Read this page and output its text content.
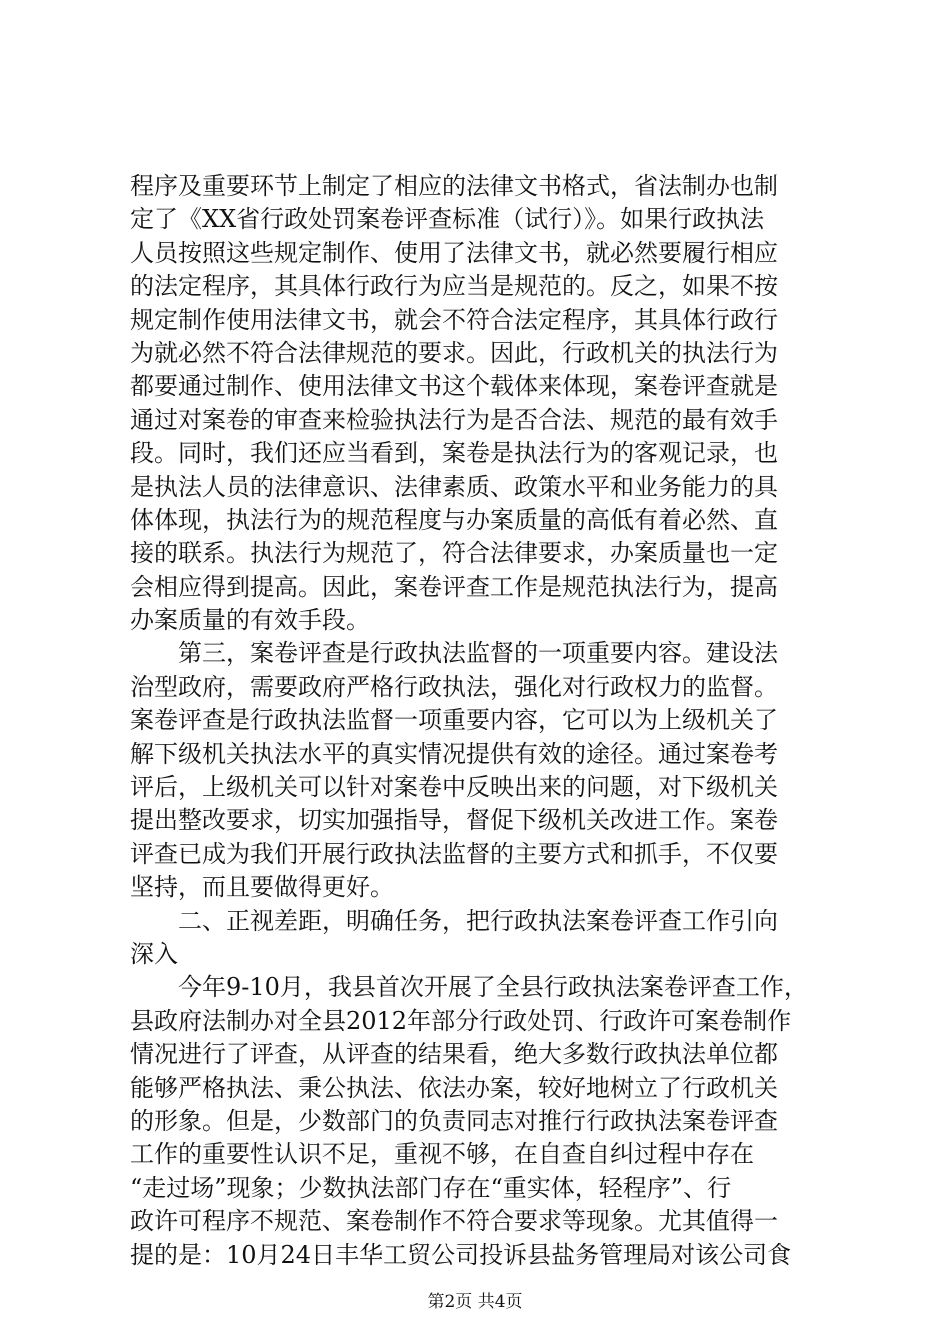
程序及重要环节上制定了相应的法律文书格式，省法制办也制
定了《XX省行政处罚案卷评查标准（试行）》。如果行政执法
人员按照这些规定制作、使用了法律文书，就必然要履行相应
的法定程序，其具体行政行为应当是规范的。反之，如果不按
规定制作使用法律文书，就会不符合法定程序，其具体行政行
为就必然不符合法律规范的要求。因此，行政机关的执法行为
都要通过制作、使用法律文书这个载体来体现，案卷评查就是
通过对案卷的审查来检验执法行为是否合法、规范的最有效手
段。同时，我们还应当看到，案卷是执法行为的客观记录，也
是执法人员的法律意识、法律素质、政策水平和业务能力的具
体体现，执法行为的规范程度与办案质量的高低有着必然、直
接的联系。执法行为规范了，符合法律要求，办案质量也一定
会相应得到提高。因此，案卷评查工作是规范执法行为，提高
办案质量的有效手段。
　　第三，案卷评查是行政执法监督的一项重要内容。建设法
治型政府，需要政府严格行政执法，强化对行政权力的监督。
案卷评查是行政执法监督一项重要内容，它可以为上级机关了
解下级机关执法水平的真实情况提供有效的途径。通过案卷考
评后，上级机关可以针对案卷中反映出来的问题，对下级机关
提出整改要求，切实加强指导，督促下级机关改进工作。案卷
评查已成为我们开展行政执法监督的主要方式和抓手，不仅要
坚持，而且要做得更好。
　　二、正视差距，明确任务，把行政执法案卷评查工作引向
深入
　　今年9-10月，我县首次开展了全县行政执法案卷评查工作，
县政府法制办对全县2012年部分行政处罚、行政许可案卷制作
情况进行了评查，从评查的结果看，绝大多数行政执法单位都
能够严格执法、秉公执法、依法办案，较好地树立了行政机关
的形象。但是，少数部门的负责同志对推行行政执法案卷评查
工作的重要性认识不足，重视不够，在自查自纠过程中存在
“走过场”现象；少数执法部门存在“重实体，轻程序”、行
政许可程序不规范、案卷制作不符合要求等现象。尤其值得一
提的是：10月24日丰华工贸公司投诉县盐务管理局对该公司食
第2页 共4页
